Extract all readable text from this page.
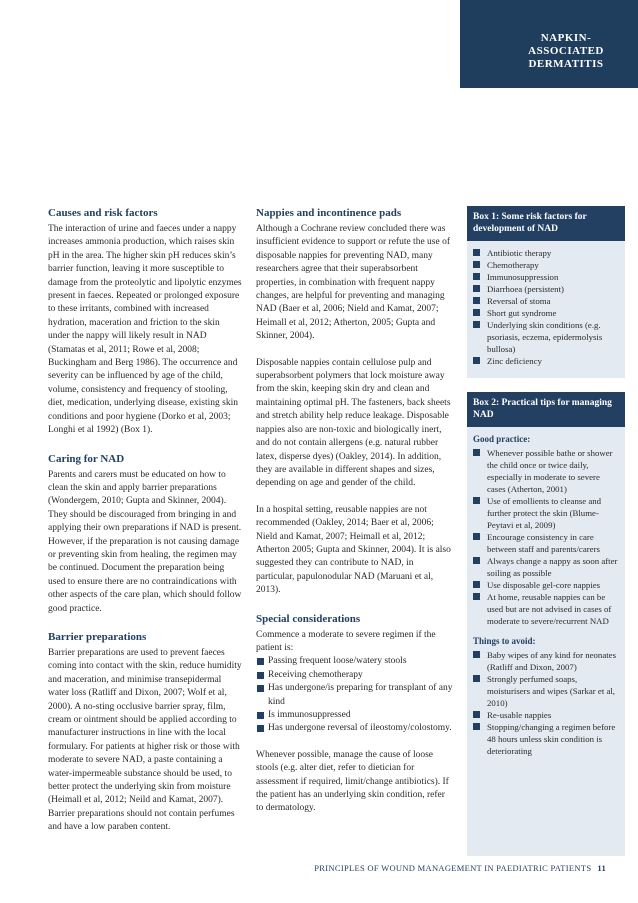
NAPKIN-
ASSOCIATED
DERMATITIS
Causes and risk factors

The interaction of urine and faeces under a nappy increases ammonia production, which raises skin pH in the area. The higher skin pH reduces skin’s barrier function, leaving it more susceptible to damage from the proteolytic and lipolytic enzymes present in faeces. Repeated or prolonged exposure to these irritants, combined with increased hydration, maceration and friction to the skin under the nappy will likely result in NAD (Stamatas et al, 2011; Rowe et al, 2008; Buckingham and Berg 1986). The occurrence and severity can be influenced by age of the child, volume, consistency and frequency of stooling, diet, medication, underlying disease, existing skin conditions and poor hygiene (Dorko et al, 2003; Longhi et al 1992) (Box 1).

Caring for NAD

Parents and carers must be educated on how to clean the skin and apply barrier preparations (Wondergem, 2010; Gupta and Skinner, 2004). They should be discouraged from bringing in and applying their own preparations if NAD is present. However, if the preparation is not causing damage or preventing skin from healing, the regimen may be continued. Document the preparation being used to ensure there are no contraindications with other aspects of the care plan, which should follow good practice.

Barrier preparations

Barrier preparations are used to prevent faeces coming into contact with the skin, reduce humidity and maceration, and minimise transepidermal water loss (Ratliff and Dixon, 2007; Wolf et al, 2000). A no-sting occlusive barrier spray, film, cream or ointment should be applied according to manufacturer instructions in line with the local formulary. For patients at higher risk or those with moderate to severe NAD, a paste containing a water-impermeable substance should be used, to better protect the underlying skin from moisture (Heimall et al, 2012; Neild and Kamat, 2007). Barrier preparations should not contain perfumes and have a low paraben content.

Nappies and incontinence pads

Although a Cochrane review concluded there was insufficient evidence to support or refute the use of disposable nappies for preventing NAD, many researchers agree that their superabsorbent properties, in combination with frequent nappy changes, are helpful for preventing and managing NAD (Baer et al, 2006; Nield and Kamat, 2007; Heimall et al, 2012; Atherton, 2005; Gupta and Skinner, 2004).

Disposable nappies contain cellulose pulp and superabsorbent polymers that lock moisture away from the skin, keeping skin dry and clean and maintaining optimal pH. The fasteners, back sheets and stretch ability help reduce leakage. Disposable nappies also are non-toxic and biologically inert, and do not contain allergens (e.g. natural rubber latex, disperse dyes) (Oakley, 2014). In addition, they are available in different shapes and sizes, depending on age and gender of the child.

In a hospital setting, reusable nappies are not recommended (Oakley, 2014; Baer et al, 2006; Nield and Kamat, 2007; Heimall et al, 2012; Atherton 2005; Gupta and Skinner, 2004). It is also suggested they can contribute to NAD, in particular, papulonodular NAD (Maruani et al, 2013).

Special considerations

Commence a moderate to severe regimen if the patient is:

Passing frequent loose/watery stools
Receiving chemotherapy
Has undergone/is preparing for transplant of any kind
Is immunosuppressed
Has undergone reversal of ileostomy/colostomy.

Whenever possible, manage the cause of loose stools (e.g. alter diet, refer to dietician for assessment if required, limit/change antibiotics). If the patient has an underlying skin condition, refer to dermatology.

Box 1: Some risk factors for development of NAD
Antibiotic therapy
Chemotherapy
Immunosuppression
Diarrhoea (persistent)
Reversal of stoma
Short gut syndrome
Underlying skin conditions (e.g. psoriasis, eczema, epidermolysis bullosa)
Zinc deficiency
Box 2: Practical tips for managing NAD
Good practice:
Whenever possible bathe or shower the child once or twice daily, especially in moderate to severe cases (Atherton, 2001)
Use of emollients to cleanse and further protect the skin (Blume-Peytavi et al, 2009)
Encourage consistency in care between staff and parents/carers
Always change a nappy as soon after soiling as possible
Use disposable gel-core nappies
At home, reusable nappies can be used but are not advised in cases of moderate to severe/recurrent NAD
Things to avoid:
Baby wipes of any kind for neonates (Ratliff and Dixon, 2007)
Strongly perfumed soaps, moisturisers and wipes (Sarkar et al, 2010)
Re-usable nappies
Stopping/changing a regimen before 48 hours unless skin condition is deteriorating
PRINCIPLES OF WOUND MANAGEMENT IN PAEDIATRIC PATIENTS 11
